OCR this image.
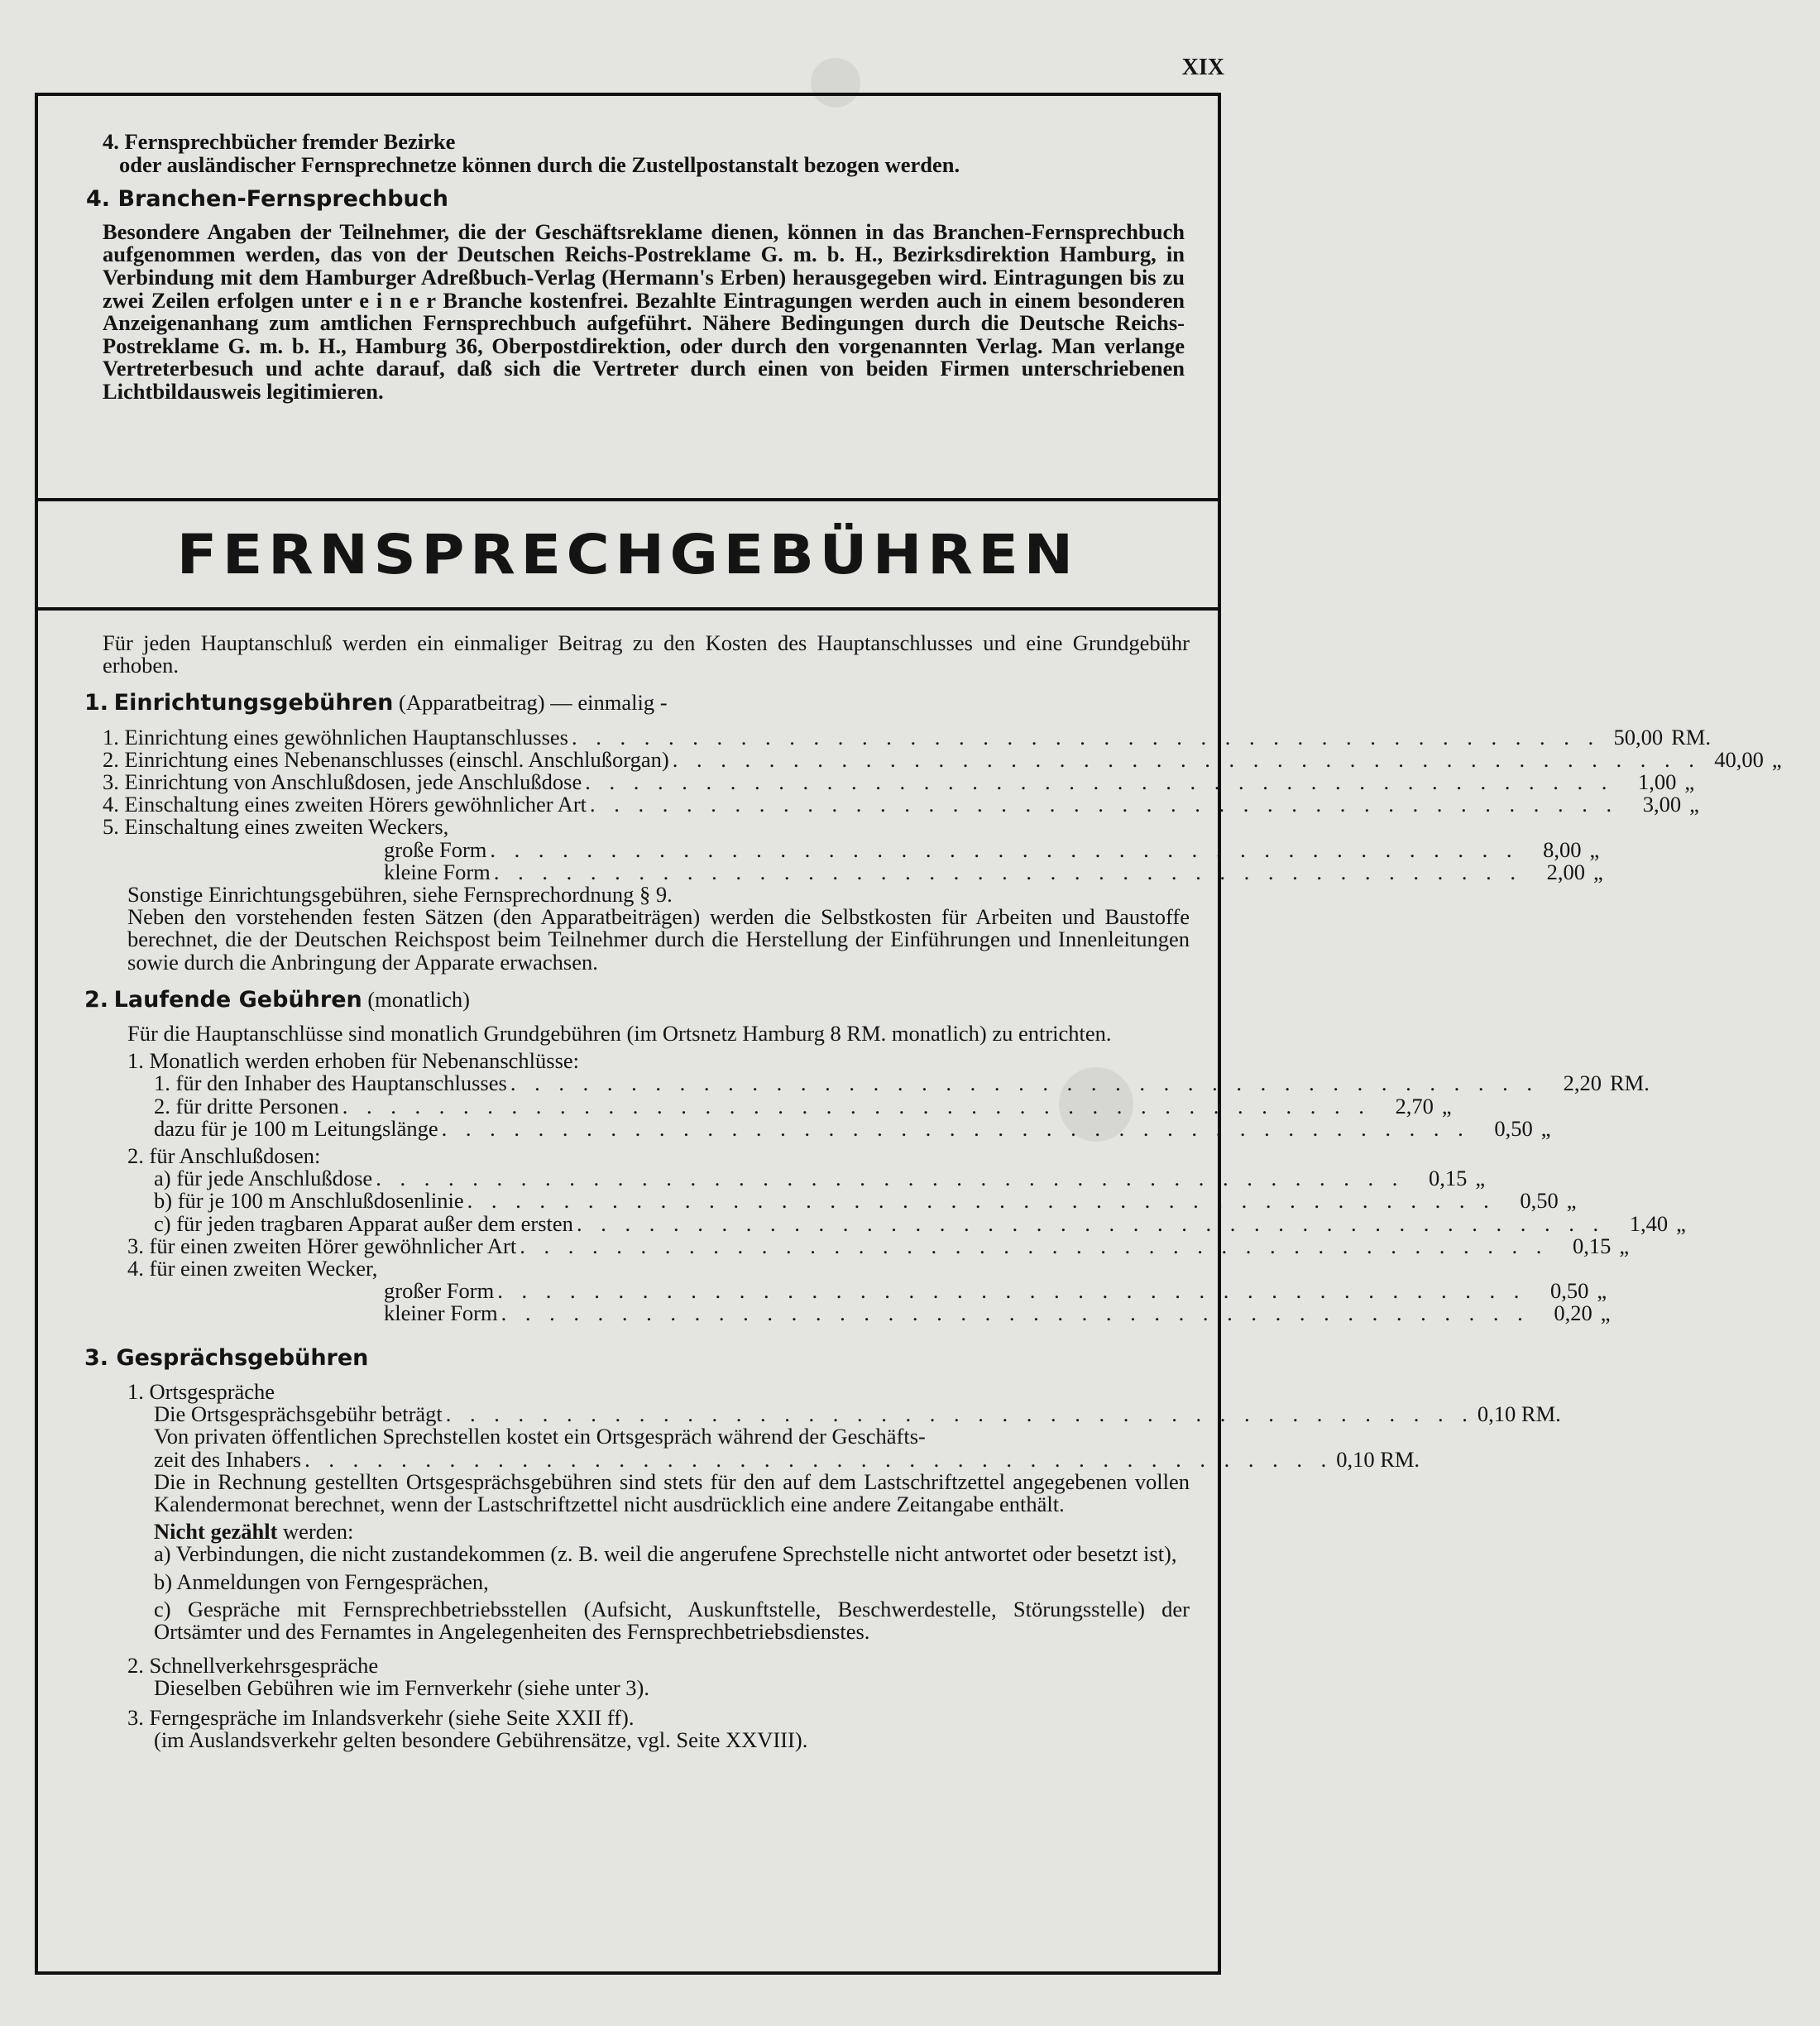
XIX

4. Fernsprechbücher fremder Bezirke

oder ausländischer Fernsprechnetze können durch die Zustellpostanstalt bezogen werden.

4. Branchen-Fernsprechbuch

Besondere Angaben der Teilnehmer, die der Geschäftsreklame dienen, können in das Branchen-Fernsprechbuch aufgenommen werden, das von der Deutschen Reichs-Postreklame G. m. b. H., Bezirksdirektion Hamburg, in Verbindung mit dem Hamburger Adreßbuch-Verlag (Hermann's Erben) herausgegeben wird. Eintragungen bis zu zwei Zeilen erfolgen unter e i n e r Branche kostenfrei. Bezahlte Eintragungen werden auch in einem besonderen Anzeigenanhang zum amtlichen Fernsprechbuch aufgeführt. Nähere Bedingungen durch die Deutsche Reichs-Postreklame G. m. b. H., Hamburg 36, Oberpostdirektion, oder durch den vorgenannten Verlag. Man verlange Vertreterbesuch und achte darauf, daß sich die Vertreter durch einen von beiden Firmen unterschriebenen Lichtbildausweis legitimieren.

FERNSPRECHGEBÜHREN

Für jeden Hauptanschluß werden ein einmaliger Beitrag zu den Kosten des Hauptanschlusses und eine Grundgebühr erhoben.

1. Einrichtungsgebühren (Apparatbeitrag) — einmalig -

1. Einrichtung eines gewöhnlichen Hauptanschlusses . . . . . . . . . . . . . . . . . . . . . . . . . . . . . . . . . . . . . . . . . . . 50,00 RM.
2. Einrichtung eines Nebenanschlusses (einschl. Anschlußorgan) . . . . . . . . . . . . . . . . . . . . . . . . . . . . . . . . . . . . . . . . . . . 40,00 „
3. Einrichtung von Anschlußdosen, jede Anschlußdose . . . . . . . . . . . . . . . . . . . . . . . . . . . . . . . . . . . . . . . . . . .	1,00 „
4. Einschaltung eines zweiten Hörers gewöhnlicher Art . . . . . . . . . . . . . . . . . . . . . . . . . . . . . . . . . . . . . . . . . . .	3,00 „

5. Einschaltung eines zweiten Weckers,

große Form . . . . . . . . . . . . . . . . . . . . . . . . . . . . . . . . . . . . . . . . . . .	8,00 „
kleine Form . . . . . . . . . . . . . . . . . . . . . . . . . . . . . . . . . . . . . . . . . . .	2,00 „

Sonstige Einrichtungsgebühren, siehe Fernsprechordnung § 9.

Neben den vorstehenden festen Sätzen (den Apparatbeiträgen) werden die Selbstkosten für Arbeiten und Baustoffe berechnet, die der Deutschen Reichspost beim Teilnehmer durch die Herstellung der Einführungen und Innenleitungen sowie durch die Anbringung der Apparate erwachsen.

2. Laufende Gebühren (monatlich)

Für die Hauptanschlüsse sind monatlich Grundgebühren (im Ortsnetz Hamburg 8 RM. monatlich) zu entrichten.

1. Monatlich werden erhoben für Nebenanschlüsse:

1. für den Inhaber des Hauptanschlusses . . . . . . . . . . . . . . . . . . . . . . . . . . . . . . . . . . . . . . . . . . .	2,20 RM.
2. für dritte Personen . . . . . . . . . . . . . . . . . . . . . . . . . . . . . . . . . . . . . . . . . . .	2,70 „
dazu für je 100 m Leitungslänge . . . . . . . . . . . . . . . . . . . . . . . . . . . . . . . . . . . . . . . . . . .	0,50 „

2. für Anschlußdosen:

a) für jede Anschlußdose . . . . . . . . . . . . . . . . . . . . . . . . . . . . . . . . . . . . . . . . . . .	0,15 „
b) für je 100 m Anschlußdosenlinie . . . . . . . . . . . . . . . . . . . . . . . . . . . . . . . . . . . . . . . . . . .	0,50 „
c) für jeden tragbaren Apparat außer dem ersten . . . . . . . . . . . . . . . . . . . . . . . . . . . . . . . . . . . . . . . . . . .	1,40 „
3. für einen zweiten Hörer gewöhnlicher Art . . . . . . . . . . . . . . . . . . . . . . . . . . . . . . . . . . . . . . . . . . .	0,15 „

4. für einen zweiten Wecker,

großer Form . . . . . . . . . . . . . . . . . . . . . . . . . . . . . . . . . . . . . . . . . . .	0,50 „
kleiner Form . . . . . . . . . . . . . . . . . . . . . . . . . . . . . . . . . . . . . . . . . . .	0,20 „

3. Gesprächsgebühren

1. Ortsgespräche

Die Ortsgesprächsgebühr beträgt . . . . . . . . . . . . . . . . . . . . . . . . . . . . . . . . . . . . . . . . . . . 0,10 RM.

Von privaten öffentlichen Sprechstellen kostet ein Ortsgespräch während der Geschäfts-

zeit des Inhabers . . . . . . . . . . . . . . . . . . . . . . . . . . . . . . . . . . . . . . . . . . . 0,10 RM.

Die in Rechnung gestellten Ortsgesprächsgebühren sind stets für den auf dem Lastschriftzettel angegebenen vollen Kalendermonat berechnet, wenn der Lastschriftzettel nicht ausdrücklich eine andere Zeitangabe enthält.

Nicht gezählt werden:

a) Verbindungen, die nicht zustandekommen (z. B. weil die angerufene Sprechstelle nicht antwortet oder besetzt ist),

b) Anmeldungen von Ferngesprächen,

c) Gespräche mit Fernsprechbetriebsstellen (Aufsicht, Auskunftstelle, Beschwerdestelle, Störungsstelle) der Ortsämter und des Fernamtes in Angelegenheiten des Fernsprechbetriebsdienstes.

2. Schnellverkehrsgespräche

Dieselben Gebühren wie im Fernverkehr (siehe unter 3).

3. Ferngespräche im Inlandsverkehr (siehe Seite XXII ff).

(im Auslandsverkehr gelten besondere Gebührensätze, vgl. Seite XXVIII).
